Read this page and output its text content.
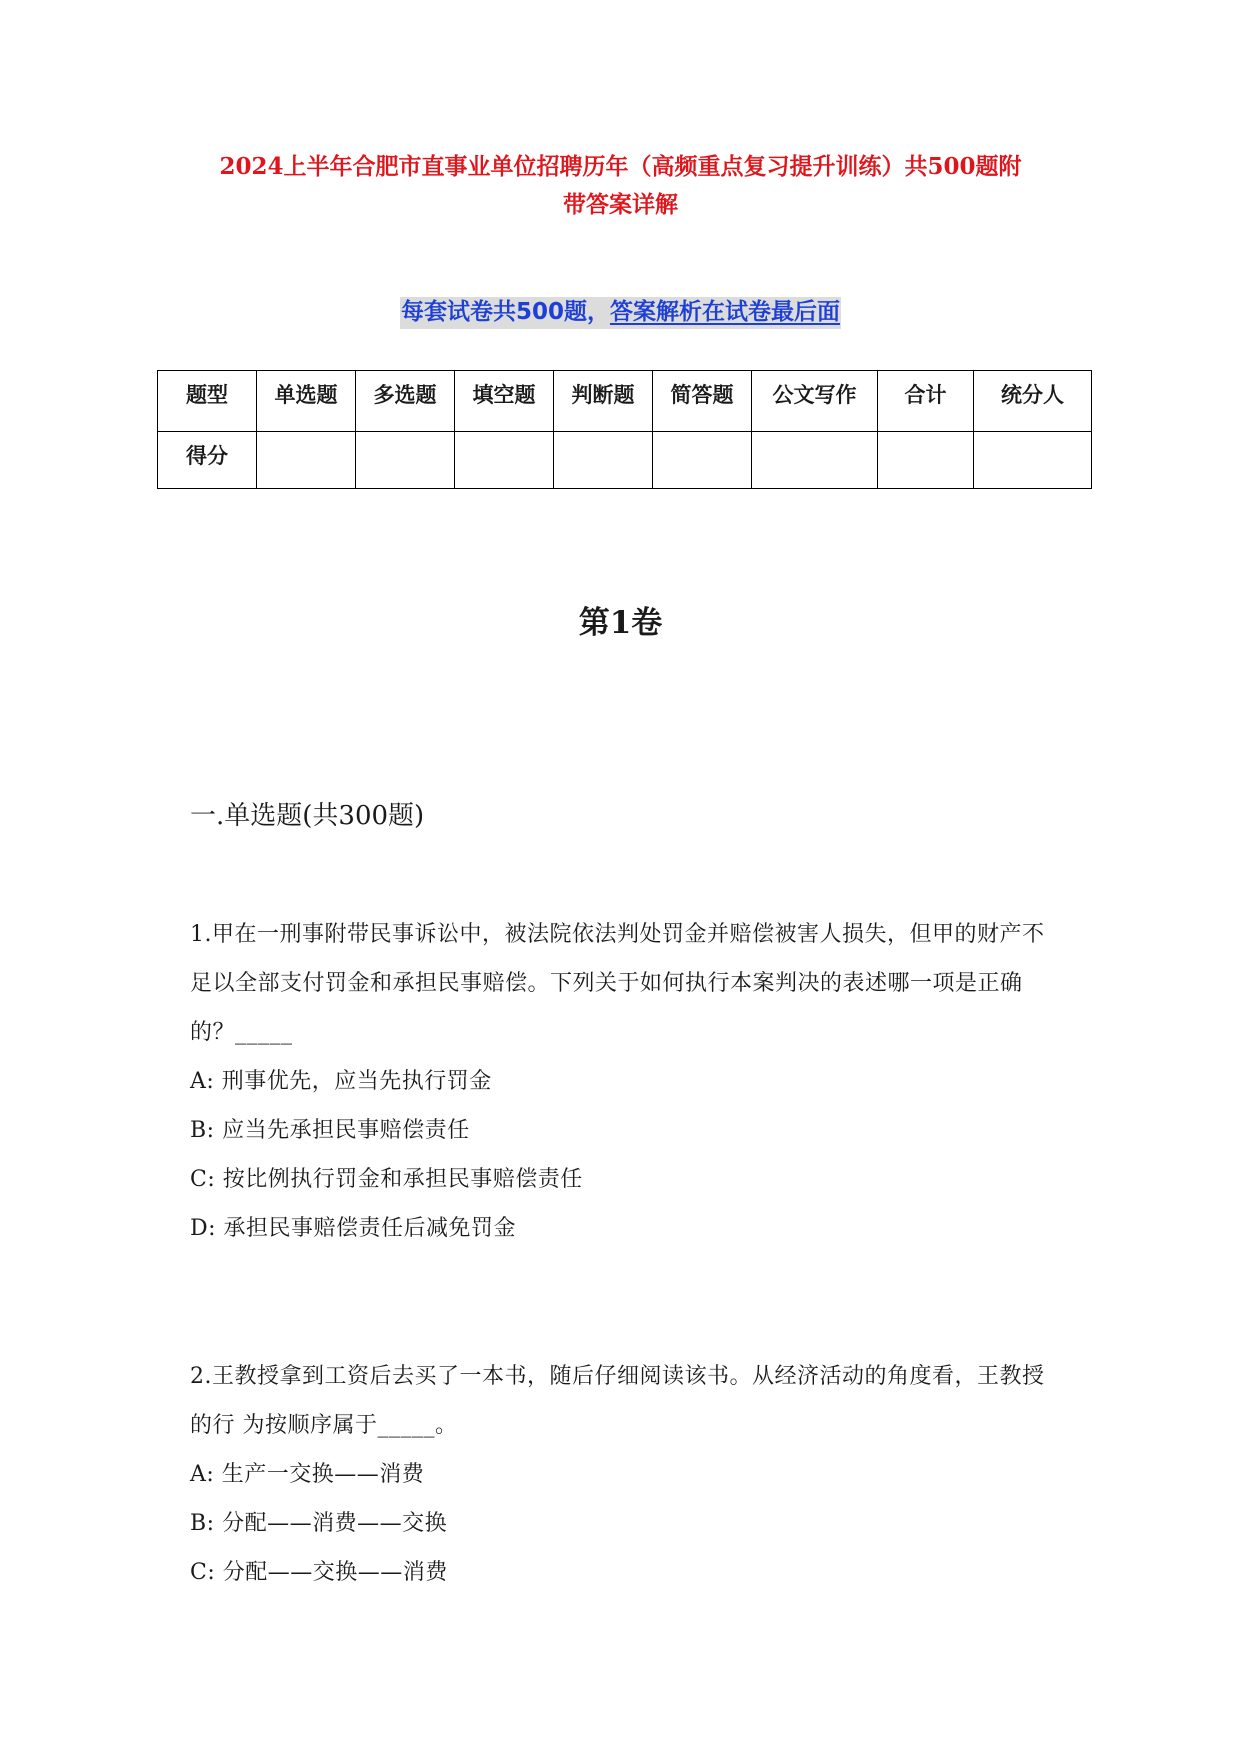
2024上半年合肥市直事业单位招聘历年（高频重点复习提升训练）共500题附
带答案详解
每套试卷共500题，答案解析在试卷最后面
题型	单选题	多选题	填空题	判断题	简答题	公文写作	合计	统分人
得分								
第1卷
一.单选题(共300题)

1.甲在一刑事附带民事诉讼中，被法院依法判处罚金并赔偿被害人损失，但甲的财产不足以全部支付罚金和承担民事赔偿。下列关于如何执行本案判决的表述哪一项是正确的？_____

A: 刑事优先，应当先执行罚金

B: 应当先承担民事赔偿责任

C: 按比例执行罚金和承担民事赔偿责任

D: 承担民事赔偿责任后减免罚金

2.王教授拿到工资后去买了一本书，随后仔细阅读该书。从经济活动的角度看，王教授的行 为按顺序属于_____。

A: 生产一交换——消费

B: 分配——消费——交换

C: 分配——交换——消费
